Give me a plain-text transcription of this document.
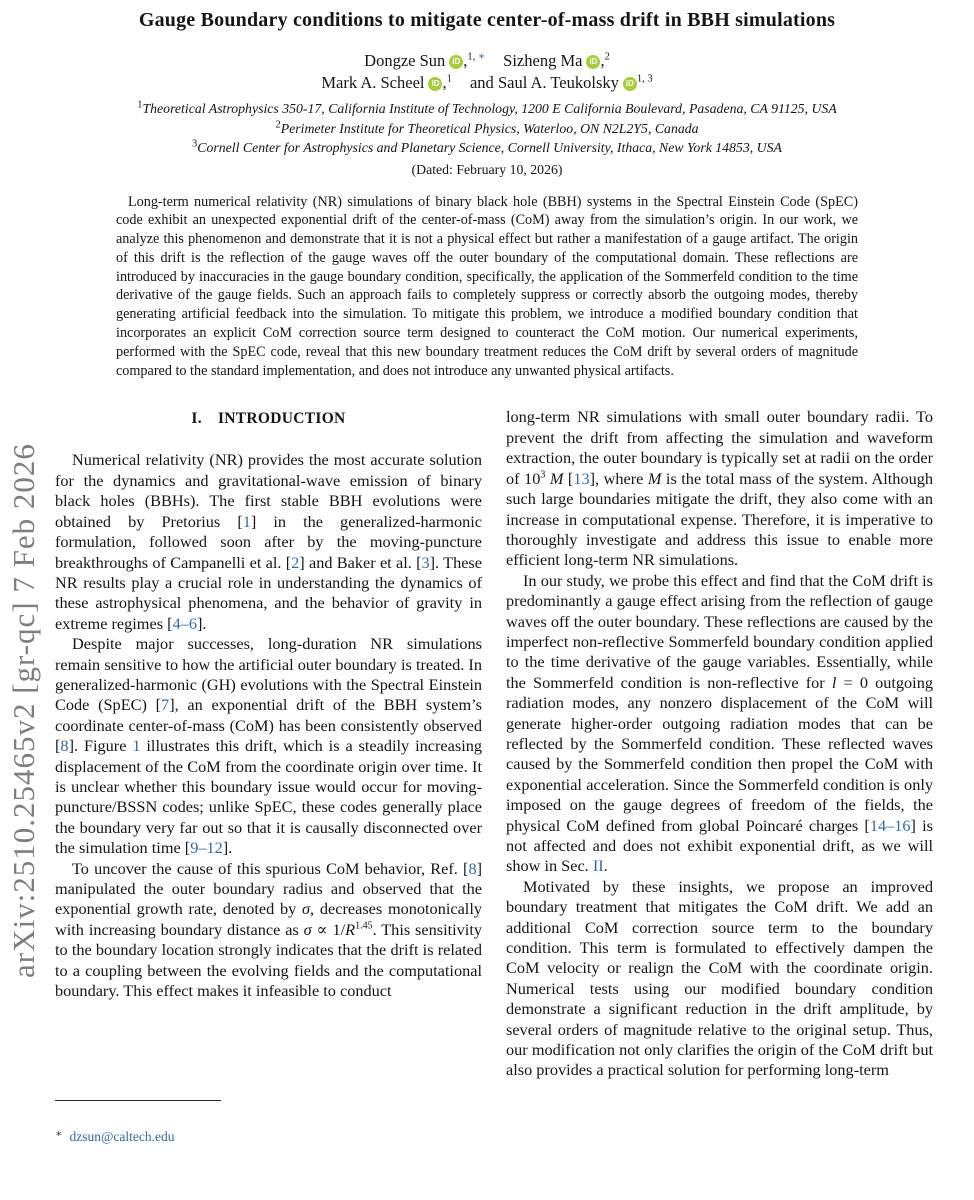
arXiv:2510.25465v2 [gr-qc] 7 Feb 2026
Gauge Boundary conditions to mitigate center-of-mass drift in BBH simulations
Dongze Sun iD ,$^{1, ∗}$ Sizheng Ma iD ,$^2$
Mark A. Scheel iD ,$^1$ and Saul A. Teukolsky iD $^{1, 3}$
$^1$Theoretical Astrophysics 350-17, California Institute of Technology, 1200 E California Boulevard, Pasadena, CA 91125, USA
$^2$Perimeter Institute for Theoretical Physics, Waterloo, ON N2L2Y5, Canada
$^3$Cornell Center for Astrophysics and Planetary Science, Cornell University, Ithaca, New York 14853, USA
(Dated: February 10, 2026)
Long-term numerical relativity (NR) simulations of binary black hole (BBH) systems in the Spectral Einstein Code (SpEC) code exhibit an unexpected exponential drift of the center-of-mass (CoM) away from the simulation’s origin. In our work, we analyze this phenomenon and demonstrate that it is not a physical effect but rather a manifestation of a gauge artifact. The origin of this drift is the reflection of the gauge waves off the outer boundary of the computational domain. These reflections are introduced by inaccuracies in the gauge boundary condition, specifically, the application of the Sommerfeld condition to the time derivative of the gauge fields. Such an approach fails to completely suppress or correctly absorb the outgoing modes, thereby generating artificial feedback into the simulation. To mitigate this problem, we introduce a modified boundary condition that incorporates an explicit CoM correction source term designed to counteract the CoM motion. Our numerical experiments, performed with the SpEC code, reveal that this new boundary treatment reduces the CoM drift by several orders of magnitude compared to the standard implementation, and does not introduce any unwanted physical artifacts.
I. INTRODUCTION

Numerical relativity (NR) provides the most accurate solution for the dynamics and gravitational-wave emission of binary black holes (BBHs). The first stable BBH evolutions were obtained by Pretorius [1] in the generalized-harmonic formulation, followed soon after by the moving-puncture breakthroughs of Campanelli et al. [2] and Baker et al. [3]. These NR results play a crucial role in understanding the dynamics of these astrophysical phenomena, and the behavior of gravity in extreme regimes [4–6].

Despite major successes, long-duration NR simulations remain sensitive to how the artificial outer boundary is treated. In generalized-harmonic (GH) evolutions with the Spectral Einstein Code (SpEC) [7], an exponential drift of the BBH system’s coordinate center-of-mass (CoM) has been consistently observed [8]. Figure 1 illustrates this drift, which is a steadily increasing displacement of the CoM from the coordinate origin over time. It is unclear whether this boundary issue would occur for moving-puncture/BSSN codes; unlike SpEC, these codes generally place the boundary very far out so that it is causally disconnected over the simulation time [9–12].

To uncover the cause of this spurious CoM behavior, Ref. [8] manipulated the outer boundary radius and observed that the exponential growth rate, denoted by σ, decreases monotonically with increasing boundary distance as $\sigma \propto 1/R^{1.45}$. This sensitivity to the boundary location strongly indicates that the drift is related to a coupling between the evolving fields and the computational boundary. This effect makes it infeasible to conduct

∗ dzsun@caltech.edu

long-term NR simulations with small outer boundary radii. To prevent the drift from affecting the simulation and waveform extraction, the outer boundary is typically set at radii on the order of $10^3$ M [13], where M is the total mass of the system. Although such large boundaries mitigate the drift, they also come with an increase in computational expense. Therefore, it is imperative to thoroughly investigate and address this issue to enable more efficient long-term NR simulations.

In our study, we probe this effect and find that the CoM drift is predominantly a gauge effect arising from the reflection of gauge waves off the outer boundary. These reflections are caused by the imperfect non-reflective Sommerfeld boundary condition applied to the time derivative of the gauge variables. Essentially, while the Sommerfeld condition is non-reflective for l = 0 outgoing radiation modes, any nonzero displacement of the CoM will generate higher-order outgoing radiation modes that can be reflected by the Sommerfeld condition. These reflected waves caused by the Sommerfeld condition then propel the CoM with exponential acceleration. Since the Sommerfeld condition is only imposed on the gauge degrees of freedom of the fields, the physical CoM defined from global Poincaré charges [14–16] is not affected and does not exhibit exponential drift, as we will show in Sec. II.

Motivated by these insights, we propose an improved boundary treatment that mitigates the CoM drift. We add an additional CoM correction source term to the boundary condition. This term is formulated to effectively dampen the CoM velocity or realign the CoM with the coordinate origin. Numerical tests using our modified boundary condition demonstrate a significant reduction in the drift amplitude, by several orders of magnitude relative to the original setup. Thus, our modification not only clarifies the origin of the CoM drift but also provides a practical solution for performing long-term
